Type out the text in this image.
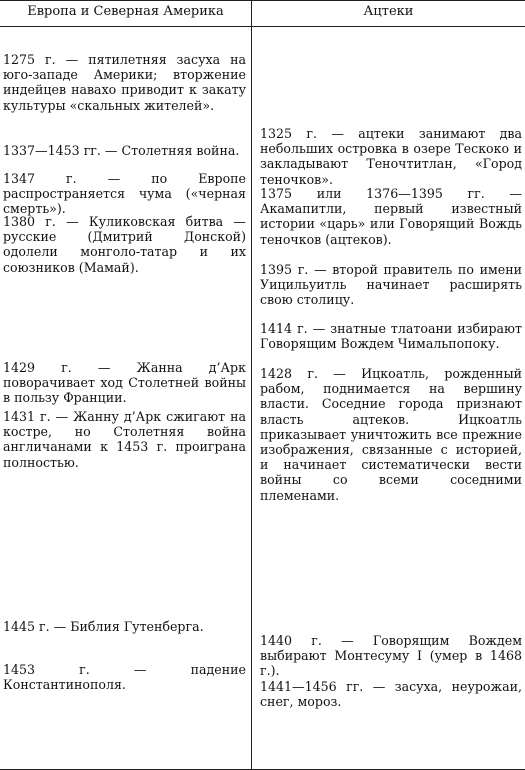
Европа и Северная Америка	Ацтеки
1275 г. — пятилетняя засуха на юго-западе Америки; вторжение индейцев навахо приводит к закату культуры «скальных жителей».
1337—1453 гг. — Столетняя война.
1347 г. — по Европе распространяется чума («черная смерть»).
1380 г. — Куликовская битва — русские (Дмитрий Донской) одолели монголо-татар и их союзников (Мамай).
1429 г. — Жанна д’Арк поворачивает ход Столетней войны в пользу Франции.
1431 г. — Жанну д’Арк сжигают на костре, но Столетняя война англичанами к 1453 г. проиграна полностью.
1445 г. — Библия Гутенберга.
1453 г. — падение Константинополя.
1325 г. — ацтеки занимают два небольших островка в озере Тескоко и закладывают Теночтитлан, «Город теночков».
1375 или 1376—1395 гг. — Акамапитли, первый известный истории «царь» или Говорящий Вождь теночков (ацтеков).
1395 г. — второй правитель по имени Уицильуитль начинает расширять свою столицу.
1414 г. — знатные тлатоани избирают Говорящим Вождем Чимальпопоку.
1428 г. — Ицкоатль, рожденный рабом, поднимается на вершину власти. Соседние города признают власть ацтеков. Ицкоатль приказывает уничтожить все прежние изображения, связанные с историей, и начинает систематически вести войны со всеми соседними племенами.
1440 г. — Говорящим Вождем выбирают Монтесуму I (умер в 1468 г.).
1441—1456 гг. — засуха, неурожаи, снег, мороз.
